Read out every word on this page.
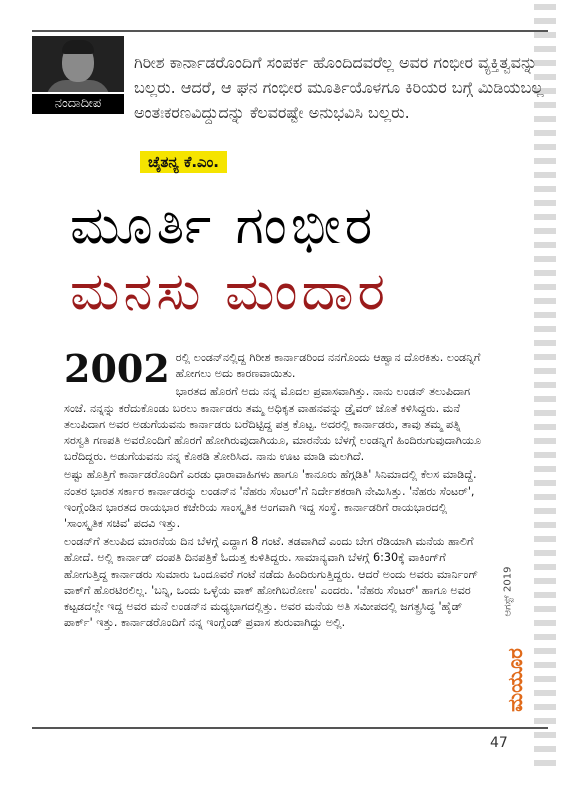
ನಂದಾದೀಪ
ಗಿರೀಶ ಕಾರ್ನಾಡರೊಂದಿಗೆ ಸಂಪರ್ಕ ಹೊಂದಿದವರೆಲ್ಲ ಅವರ ಗಂಭೀರ ವ್ಯಕ್ತಿತ್ವವನ್ನು ಬಲ್ಲರು. ಆದರೆ, ಆ ಘನ ಗಂಭೀರ ಮೂರ್ತಿಯೊಳಗೂ ಕಿರಿಯರ ಬಗ್ಗೆ ಮಿಡಿಯಬಲ್ಲ ಅಂತಃಕರಣವಿದ್ದುದನ್ನು ಕೆಲವರಷ್ಟೇ ಅನುಭವಿಸಿ ಬಲ್ಲರು.
ಚೈತನ್ಯ ಕೆ.ಎಂ.
ಮೂರ್ತಿ ಗಂಭೀರ
ಮನಸು ಮಂದಾರ

2002 ರಲ್ಲಿ ಲಂಡನ್‌ನಲ್ಲಿದ್ದ ಗಿರೀಶ ಕಾರ್ನಾಡರಿಂದ ನನಗೊಂದು ಆಹ್ವಾನ ದೊರಕಿತು. ಲಂಡನ್ನಿಗೆ ಹೋಗಲು ಅದು ಕಾರಣವಾಯಿತು.

ಭಾರತದ ಹೊರಗೆ ಅದು ನನ್ನ ಮೊದಲ ಪ್ರವಾಸವಾಗಿತ್ತು. ನಾನು ಲಂಡನ್ ತಲುಪಿದಾಗ ಸಂಜೆ. ನನ್ನನ್ನು ಕರೆದುಕೊಂಡು ಬರಲು ಕಾರ್ನಾಡರು ತಮ್ಮ ಅಧಿಕೃತ ವಾಹನವನ್ನು ಡ್ರೈವರ್ ಜೊತೆ ಕಳಿಸಿದ್ದರು. ಮನೆ ತಲುಪಿದಾಗ ಅವರ ಅಡುಗೆಯವನು ಕಾರ್ನಾಡರು ಬರೆದಿಟ್ಟಿದ್ದ ಪತ್ರ ಕೊಟ್ಟ. ಅದರಲ್ಲಿ ಕಾರ್ನಾಡರು, ತಾವು ತಮ್ಮ ಪತ್ನಿ ಸರಸ್ವತಿ ಗಣಪತಿ ಅವರೊಂದಿಗೆ ಹೊರಗೆ ಹೋಗಿರುವುದಾಗಿಯೂ, ಮಾರನೆಯ ಬೆಳಗ್ಗೆ ಲಂಡನ್ನಿಗೆ ಹಿಂದಿರುಗುವುದಾಗಿಯೂ ಬರೆದಿದ್ದರು. ಅಡುಗೆಯವನು ನನ್ನ ಕೊಠಡಿ ತೋರಿಸಿದ. ನಾನು ಊಟ ಮಾಡಿ ಮಲಗಿದೆ.

ಅಷ್ಟು ಹೊತ್ತಿಗೆ ಕಾರ್ನಾಡರೊಂದಿಗೆ ಎರಡು ಧಾರಾವಾಹಿಗಳು ಹಾಗೂ 'ಕಾನೂರು ಹೆಗ್ಗಡಿತಿ' ಸಿನಿಮಾದಲ್ಲಿ ಕೆಲಸ ಮಾಡಿದ್ದೆ. ನಂತರ ಭಾರತ ಸರ್ಕಾರ ಕಾರ್ನಾಡರನ್ನು ಲಂಡನ್‌ನ 'ನೆಹರು ಸೆಂಟರ್'ಗೆ ನಿರ್ದೇಶಕರಾಗಿ ನೇಮಿಸಿತ್ತು. 'ನೆಹರು ಸೆಂಟರ್', ಇಂಗ್ಲೆಂಡಿನ ಭಾರತದ ರಾಯಭಾರ ಕಚೇರಿಯ ಸಾಂಸ್ಕೃತಿಕ ಅಂಗವಾಗಿ ಇದ್ದ ಸಂಸ್ಥೆ. ಕಾರ್ನಾಡರಿಗೆ ರಾಯಭಾರದಲ್ಲಿ 'ಸಾಂಸ್ಕೃತಿಕ ಸಚಿವ' ಪದವಿ ಇತ್ತು.

ಲಂಡನ್‌ಗೆ ತಲುಪಿದ ಮಾರನೆಯ ದಿನ ಬೆಳಗ್ಗೆ ಎದ್ದಾಗ 8 ಗಂಟೆ. ತಡವಾಗಿದೆ ಎಂದು ಬೇಗ ರೆಡಿಯಾಗಿ ಮನೆಯ ಹಾಲಿಗೆ ಹೋದೆ. ಅಲ್ಲಿ ಕಾರ್ನಾಡ್ ದಂಪತಿ ದಿನಪತ್ರಿಕೆ ಓದುತ್ತ ಕುಳಿತಿದ್ದರು. ಸಾಮಾನ್ಯವಾಗಿ ಬೆಳಗ್ಗೆ 6:30ಕ್ಕೆ ವಾಕಿಂಗ್‌ಗೆ ಹೋಗುತ್ತಿದ್ದ ಕಾರ್ನಾಡರು ಸುಮಾರು ಒಂದೂವರೆ ಗಂಟೆ ನಡೆದು ಹಿಂದಿರುಗುತ್ತಿದ್ದರು. ಆದರೆ ಅಂದು ಅವರು ಮಾರ್ನಿಂಗ್ ವಾಕ್‌ಗೆ ಹೊರಟಿರಲಿಲ್ಲ. 'ಬನ್ನಿ, ಒಂದು ಒಳ್ಳೆಯ ವಾಕ್ ಹೋಗಿಬರೋಣ' ಎಂದರು. 'ನೆಹರು ಸೆಂಟರ್' ಹಾಗೂ ಅವರ ಕಟ್ಟಡದಲ್ಲೇ ಇದ್ದ ಅವರ ಮನೆ ಲಂಡನ್‌ನ ಮಧ್ಯಭಾಗದಲ್ಲಿತ್ತು. ಅವರ ಮನೆಯ ಅತಿ ಸಮೀಪದಲ್ಲಿ ಜಗತ್ಪ್ರಸಿದ್ಧ 'ಹೈಡ್ ಪಾರ್ಕ್' ಇತ್ತು. ಕಾರ್ನಾಡರೊಂದಿಗೆ ನನ್ನ ಇಂಗ್ಲೆಂಡ್ ಪ್ರವಾಸ ಶುರುವಾಗಿದ್ದು ಅಲ್ಲಿ.

ಆಗಸ್ಟ್ 2019
ಮಯೂರ
47
